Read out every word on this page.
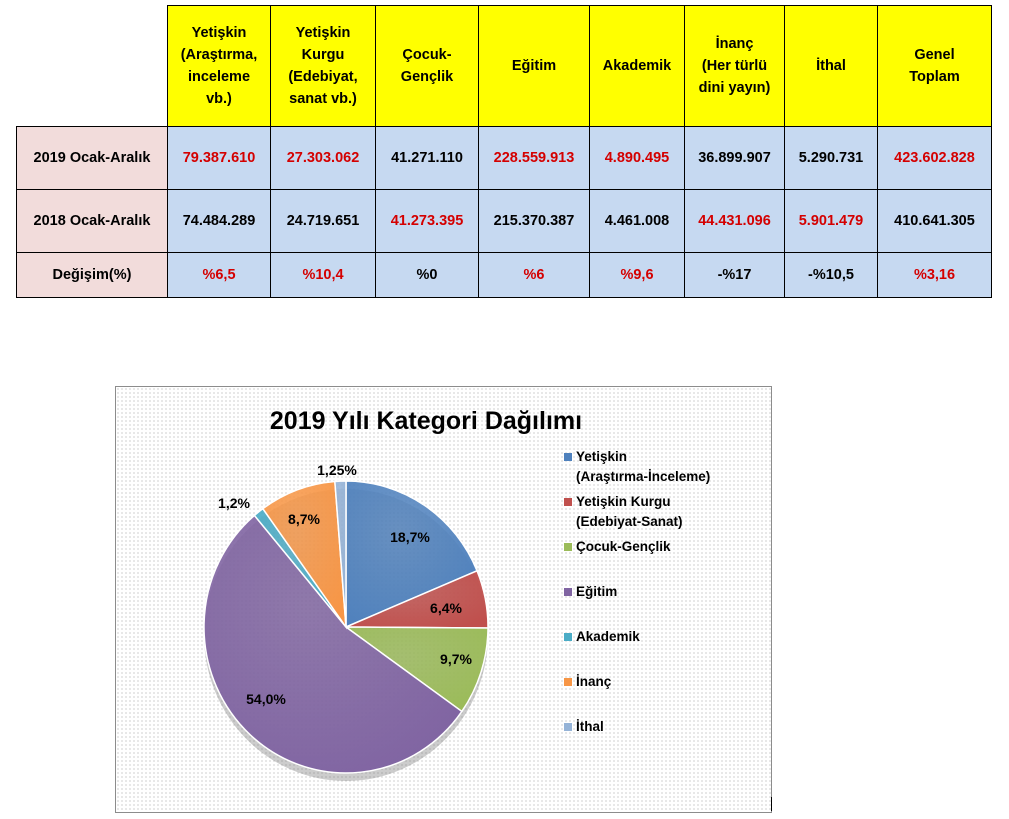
	Yetişkin
(Araştırma,
inceleme
vb.)	Yetişkin
Kurgu
(Edebiyat,
sanat vb.)	Çocuk-
Gençlik	Eğitim	Akademik	İnanç
(Her türlü
dini yayın)	İthal	Genel
Toplam

2019 Ocak-Aralık	79.387.610	27.303.062	41.271.110	228.559.913	4.890.495	36.899.907	5.290.731	423.602.828
2018 Ocak-Aralık	74.484.289	24.719.651	41.273.395	215.370.387	4.461.008	44.431.096	5.901.479	410.641.305
Değişim(%)	%6,5	%10,4	%0	%6	%9,6	-%17	-%10,5	%3,16
2019 Yılı Kategori Dağılımı
18,7%
6,4%
9,7%
54,0%
1,2%
8,7%
1,25%
Yetişkin
(Araştırma-İnceleme)
Yetişkin Kurgu
(Edebiyat-Sanat)
Çocuk-Gençlik
Eğitim
Akademik
İnanç
İthal
